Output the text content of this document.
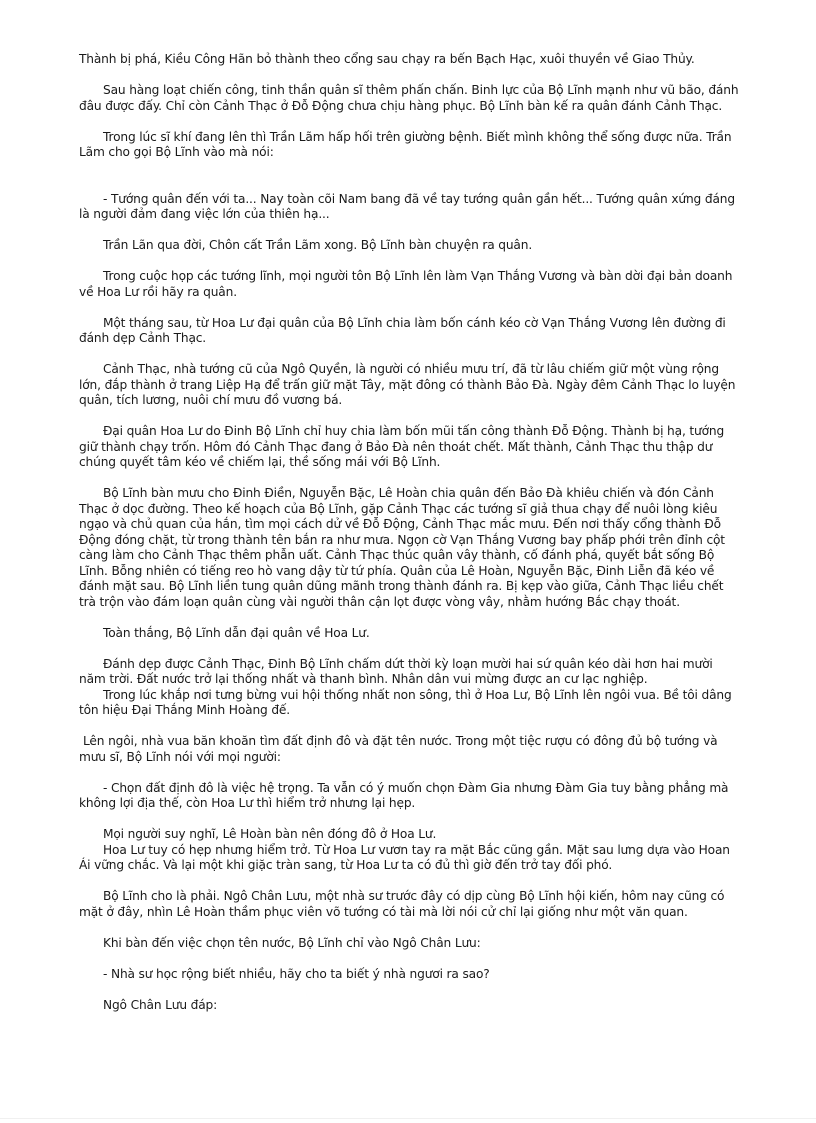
Thành bị phá, Kiều Công Hãn bỏ thành theo cổng sau chạy ra bến Bạch Hạc, xuôi thuyền về Giao Thủy.

Sau hàng loạt chiến công, tinh thần quân sĩ thêm phấn chấn. Binh lực của Bộ Lĩnh mạnh như vũ bão, đánh đâu được đấy. Chỉ còn Cảnh Thạc ở Đỗ Động chưa chịu hàng phục. Bộ Lĩnh bàn kế ra quân đánh Cảnh Thạc.

Trong lúc sĩ khí đang lên thì Trần Lãm hấp hối trên giường bệnh. Biết mình không thể sống được nữa. Trần Lãm cho gọi Bộ Lĩnh vào mà nói:

- Tướng quân đến với ta... Nay toàn cõi Nam bang đã về tay tướng quân gần hết... Tướng quân xứng đáng là người đảm đang việc lớn của thiên hạ...

Trần Lãn qua đời, Chôn cất Trần Lãm xong. Bộ Lĩnh bàn chuyện ra quân.

Trong cuộc họp các tướng lĩnh, mọi người tôn Bộ Lĩnh lên làm Vạn Thắng Vương và bàn dời đại bản doanh về Hoa Lư rồi hãy ra quân.

Một tháng sau, từ Hoa Lư đại quân của Bộ Lĩnh chia làm bốn cánh kéo cờ Vạn Thắng Vương lên đường đi đánh dẹp Cảnh Thạc.

Cảnh Thạc, nhà tướng cũ của Ngô Quyền, là người có nhiều mưu trí, đã từ lâu chiếm giữ một vùng rộng lớn, đắp thành ở trang Liệp Hạ để trấn giữ mặt Tây, mặt đông có thành Bảo Đà. Ngày đêm Cảnh Thạc lo luyện quân, tích lương, nuôi chí mưu đồ vương bá.

Đại quân Hoa Lư do Đinh Bộ Lĩnh chỉ huy chia làm bốn mũi tấn công thành Đỗ Động. Thành bị hạ, tướng giữ thành chạy trốn. Hôm đó Cảnh Thạc đang ở Bảo Đà nên thoát chết. Mất thành, Cảnh Thạc thu thập dư chúng quyết tâm kéo về chiếm lại, thề sống mái với Bộ Lĩnh.

Bộ Lĩnh bàn mưu cho Đinh Điền, Nguyễn Bặc, Lê Hoàn chia quân đến Bảo Đà khiêu chiến và đón Cảnh Thạc ở dọc đường. Theo kế hoạch của Bộ Lĩnh, gặp Cảnh Thạc các tướng sĩ giả thua chạy để nuôi lòng kiêu ngạo và chủ quan của hắn, tìm mọi cách dử về Đỗ Động, Cảnh Thạc mắc mưu. Đến nơi thấy cổng thành Đỗ Động đóng chặt, từ trong thành tên bắn ra như mưa. Ngọn cờ Vạn Thắng Vương bay phấp phới trên đỉnh cột càng làm cho Cảnh Thạc thêm phẫn uất. Cảnh Thạc thúc quân vây thành, cố đánh phá, quyết bắt sống Bộ Lĩnh. Bỗng nhiên có tiếng reo hò vang dậy từ tứ phía. Quân của Lê Hoàn, Nguyễn Bặc, Đinh Liễn đã kéo về đánh mặt sau. Bộ Lĩnh liền tung quân dũng mãnh trong thành đánh ra. Bị kẹp vào giữa, Cảnh Thạc liều chết trà trộn vào đám loạn quân cùng vài người thân cận lọt được vòng vây, nhằm hướng Bắc chạy thoát.

Toàn thắng, Bộ Lĩnh dẫn đại quân về Hoa Lư.

Đánh dẹp được Cảnh Thạc, Đinh Bộ Lĩnh chấm dứt thời kỳ loạn mười hai sứ quân kéo dài hơn hai mười năm trời. Đất nước trở lại thống nhất và thanh bình. Nhân dân vui mừng được an cư lạc nghiệp.

Trong lúc khắp nơi tưng bừng vui hội thống nhất non sông, thì ở Hoa Lư, Bộ Lĩnh lên ngôi vua. Bề tôi dâng tôn hiệu Đại Thắng Minh Hoàng đế.

Lên ngôi, nhà vua băn khoăn tìm đất định đô và đặt tên nước. Trong một tiệc rượu có đông đủ bộ tướng và mưu sĩ, Bộ Lĩnh nói với mọi người:

- Chọn đất định đô là việc hệ trọng. Ta vẫn có ý muốn chọn Đàm Gia nhưng Đàm Gia tuy bằng phẳng mà không lợi địa thế, còn Hoa Lư thì hiểm trở nhưng lại hẹp.

Mọi người suy nghĩ, Lê Hoàn bàn nên đóng đô ở Hoa Lư.

Hoa Lư tuy có hẹp nhưng hiểm trở. Từ Hoa Lư vươn tay ra mặt Bắc cũng gần. Mặt sau lưng dựa vào Hoan Ái vững chắc. Và lại một khi giặc tràn sang, từ Hoa Lư ta có đủ thì giờ đến trở tay đối phó.

Bộ Lĩnh cho là phải. Ngô Chân Lưu, một nhà sư trước đây có dịp cùng Bộ Lĩnh hội kiến, hôm nay cũng có mặt ở đây, nhìn Lê Hoàn thầm phục viên võ tướng có tài mà lời nói cử chỉ lại giống như một văn quan.

Khi bàn đến việc chọn tên nước, Bộ Lĩnh chỉ vào Ngô Chân Lưu:

- Nhà sư học rộng biết nhiều, hãy cho ta biết ý nhà ngươi ra sao?

Ngô Chân Lưu đáp:
